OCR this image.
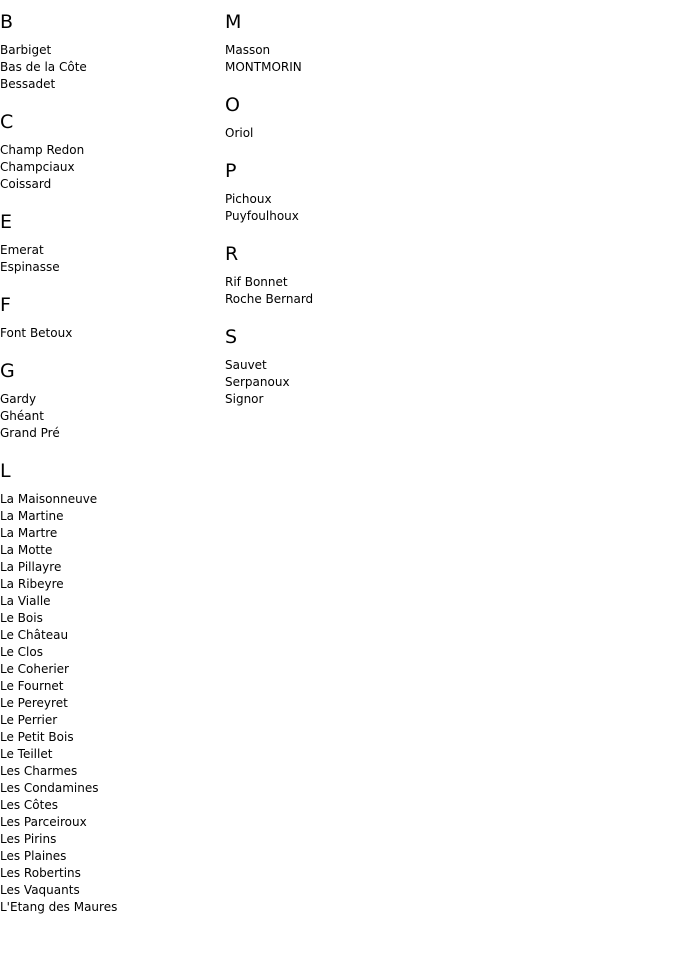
B
Barbiget
Bas de la Côte
Bessadet
C
Champ Redon
Champciaux
Coissard
E
Emerat
Espinasse
F
Font Betoux
G
Gardy
Ghéant
Grand Pré
L
La Maisonneuve
La Martine
La Martre
La Motte
La Pillayre
La Ribeyre
La Vialle
Le Bois
Le Château
Le Clos
Le Coherier
Le Fournet
Le Pereyret
Le Perrier
Le Petit Bois
Le Teillet
Les Charmes
Les Condamines
Les Côtes
Les Parceiroux
Les Pirins
Les Plaines
Les Robertins
Les Vaquants
L'Etang des Maures
M
Masson
MONTMORIN
O
Oriol
P
Pichoux
Puyfoulhoux
R
Rif Bonnet
Roche Bernard
S
Sauvet
Serpanoux
Signor
